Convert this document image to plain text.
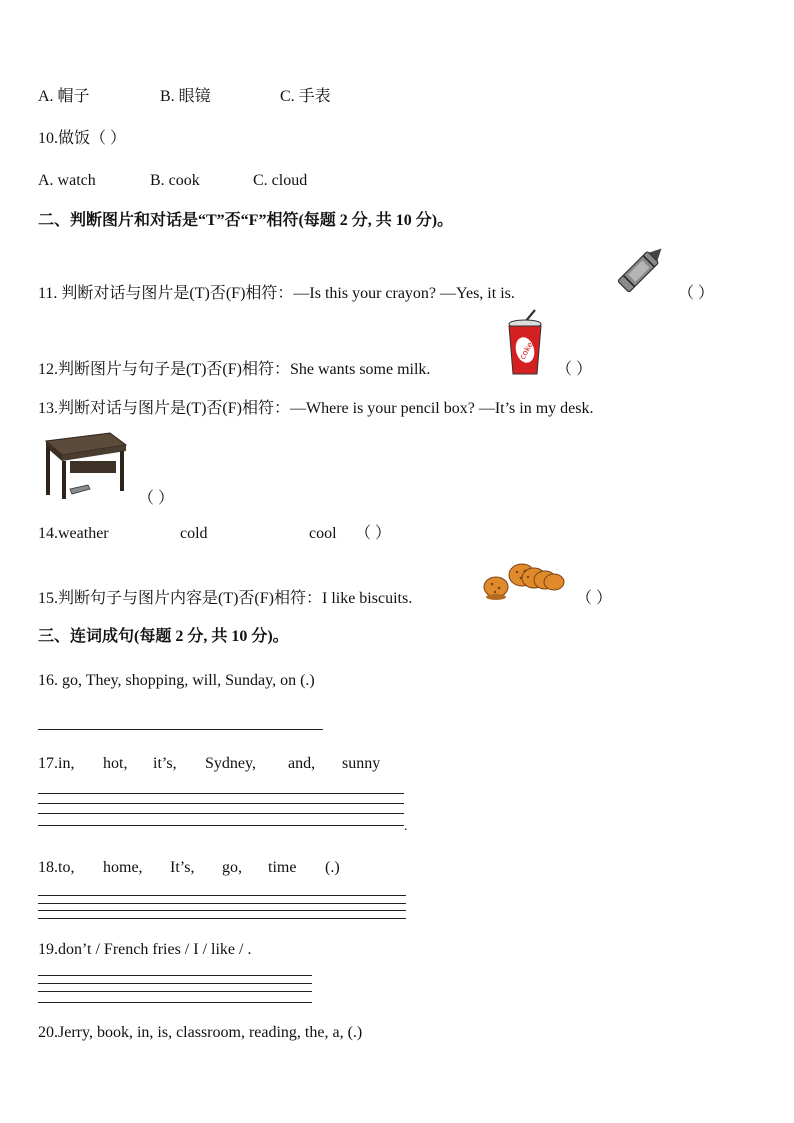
A. 帽子	B. 眼镜	C. 手表
10.做饭（ ）
A. watch	B. cook	C. cloud
二、判断图片和对话是“T”否“F”相符(每题 2 分, 共 10 分)。
11. 判断对话与图片是(T)否(F)相符：—Is this your crayon? —Yes, it is.	（ ）
12.判断图片与句子是(T)否(F)相符：She wants some milk.
coke
（ ）
13.判断对话与图片是(T)否(F)相符：—Where is your pencil box? —It’s in my desk.
（ ）
14.weather	cold	cool （ ）
15.判断句子与图片内容是(T)否(F)相符：I like biscuits.	（ ）
三、连词成句(每题 2 分, 共 10 分)。
16. go, They, shopping, will, Sunday, on (.)
17.in, hot, it’s, Sydney, and, sunny
.
18.to, home, It’s, go, time (.)
19.don’t / French fries / I / like / .
20.Jerry, book, in, is, classroom, reading, the, a, (.)
